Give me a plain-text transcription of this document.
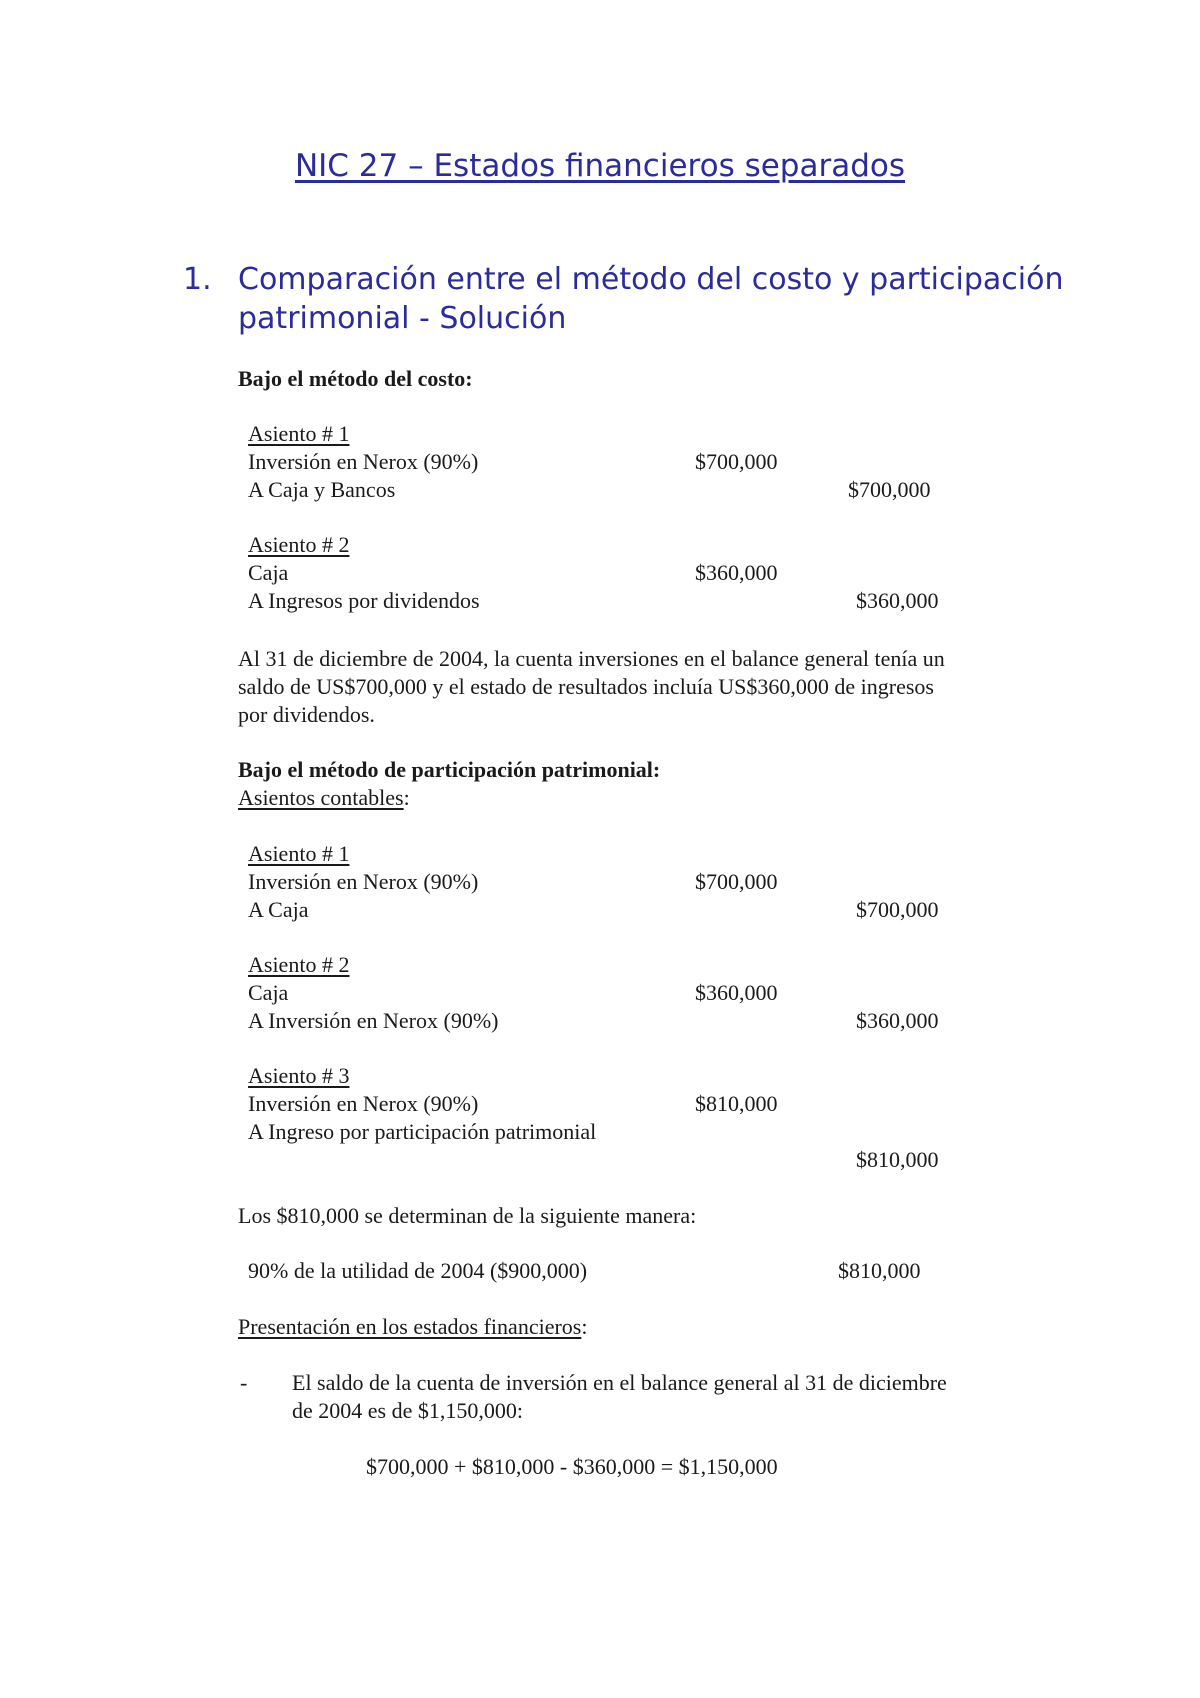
NIC 27 – Estados financieros separados
1. Comparación entre el método del costo y participación
patrimonial - Solución
Bajo el método del costo:
Asiento # 1
Inversión en Nerox (90%)	$700,000
A Caja y Bancos	$700,000
Asiento # 2
Caja	$360,000
A Ingresos por dividendos	$360,000
Al 31 de diciembre de 2004, la cuenta inversiones en el balance general tenía un
saldo de US$700,000 y el estado de resultados incluía US$360,000 de ingresos
por dividendos.
Bajo el método de participación patrimonial:
Asientos contables:
Asiento # 1
Inversión en Nerox (90%)	$700,000
A Caja	$700,000
Asiento # 2
Caja	$360,000
A Inversión en Nerox (90%)	$360,000
Asiento # 3
Inversión en Nerox (90%)	$810,000
A Ingreso por participación patrimonial
$810,000
Los $810,000 se determinan de la siguiente manera:
90% de la utilidad de 2004 ($900,000)	$810,000
Presentación en los estados financieros:
- El saldo de la cuenta de inversión en el balance general al 31 de diciembre
de 2004 es de $1,150,000:
$700,000 + $810,000 - $360,000 = $1,150,000
